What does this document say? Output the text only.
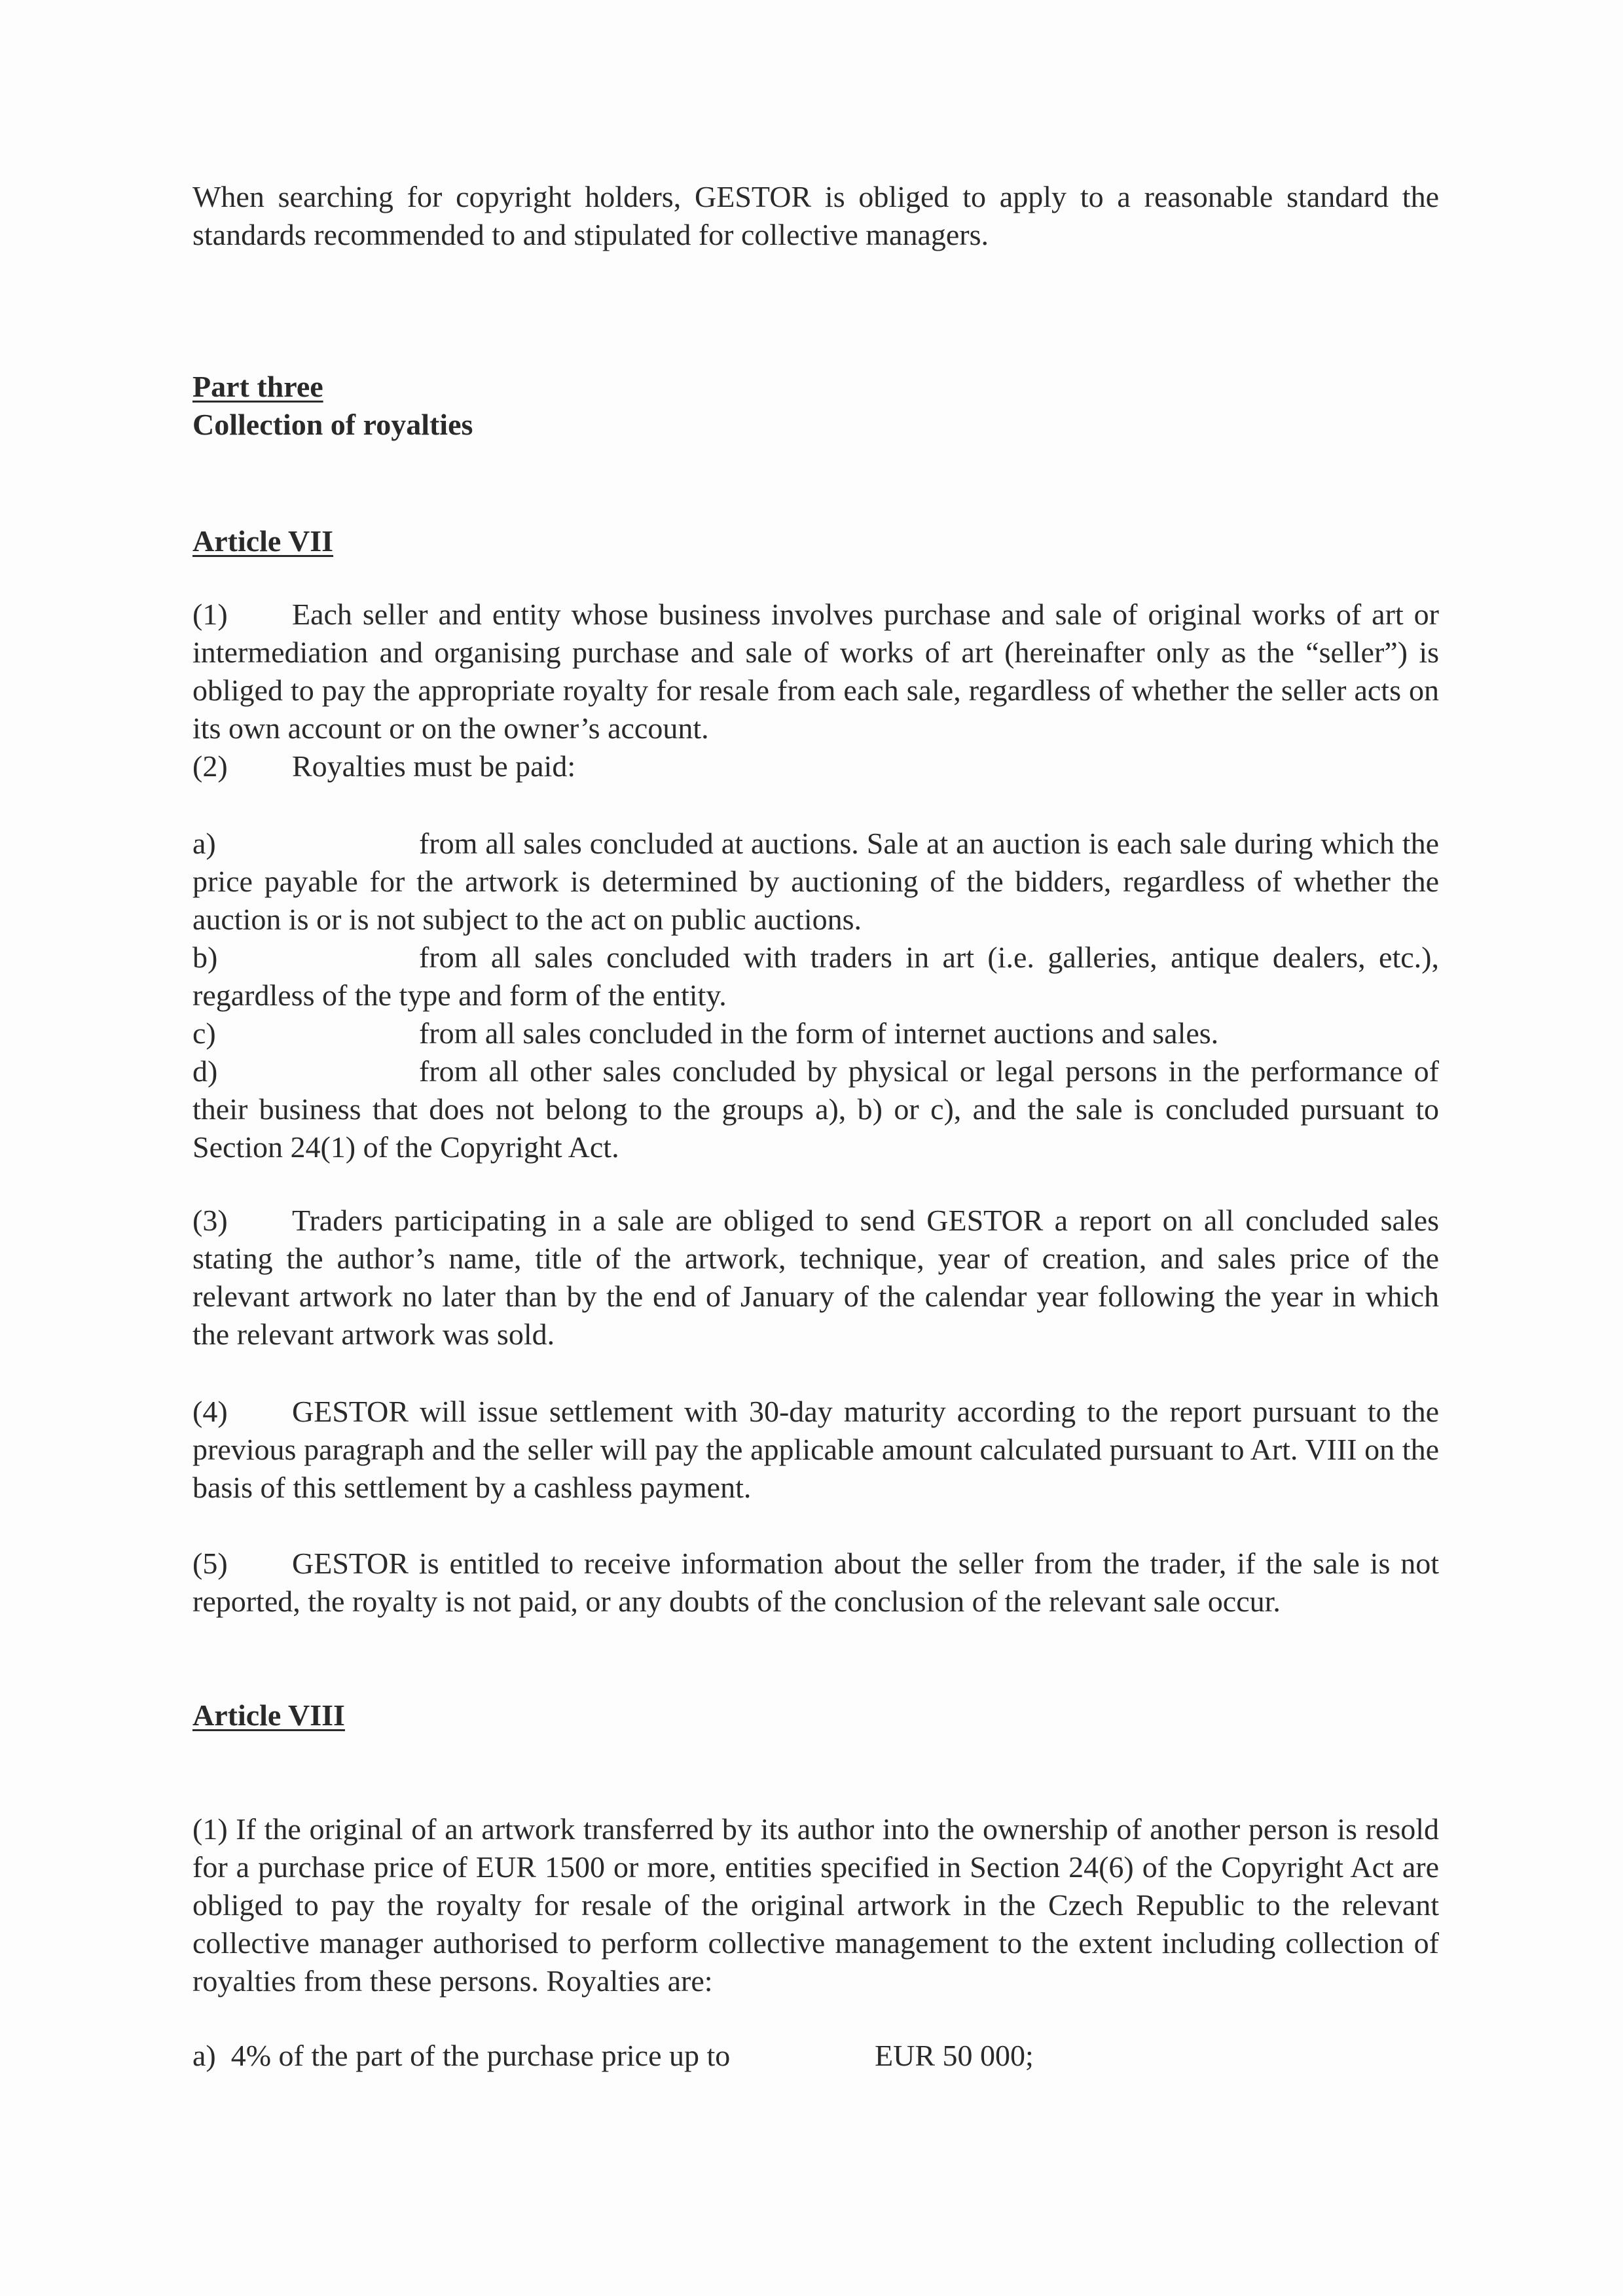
When searching for copyright holders, GESTOR is obliged to apply to a reasonable standard the standards recommended to and stipulated for collective managers.

Part three
Collection of royalties
Article VII

(1) Each seller and entity whose business involves purchase and sale of original works of art or intermediation and organising purchase and sale of works of art (hereinafter only as the “seller”) is obliged to pay the appropriate royalty for resale from each sale, regardless of whether the seller acts on its own account or on the owner’s account.

(2) Royalties must be paid:

a)	from all sales concluded at auctions. Sale at an auction is each sale during which the price payable for the artwork is determined by auctioning of the bidders, regardless of whether the auction is or is not subject to the act on public auctions.

b)	from all sales concluded with traders in art (i.e. galleries, antique dealers, etc.), regardless of the type and form of the entity.

c)	from all sales concluded in the form of internet auctions and sales.

d)	from all other sales concluded by physical or legal persons in the performance of their business that does not belong to the groups a), b) or c), and the sale is concluded pursuant to Section 24(1) of the Copyright Act.

(3) Traders participating in a sale are obliged to send GESTOR a report on all concluded sales stating the author’s name, title of the artwork, technique, year of creation, and sales price of the relevant artwork no later than by the end of January of the calendar year following the year in which the relevant artwork was sold.

(4) GESTOR will issue settlement with 30-day maturity according to the report pursuant to the previous paragraph and the seller will pay the applicable amount calculated pursuant to Art. VIII on the basis of this settlement by a cashless payment.

(5) GESTOR is entitled to receive information about the seller from the trader, if the sale is not reported, the royalty is not paid, or any doubts of the conclusion of the relevant sale occur.

Article VIII

(1) If the original of an artwork transferred by its author into the ownership of another person is resold for a purchase price of EUR 1500 or more, entities specified in Section 24(6) of the Copyright Act are obliged to pay the royalty for resale of the original artwork in the Czech Republic to the relevant collective manager authorised to perform collective management to the extent including collection of royalties from these persons. Royalties are:

a)  4% of the part of the purchase price up to	EUR 50 000;
